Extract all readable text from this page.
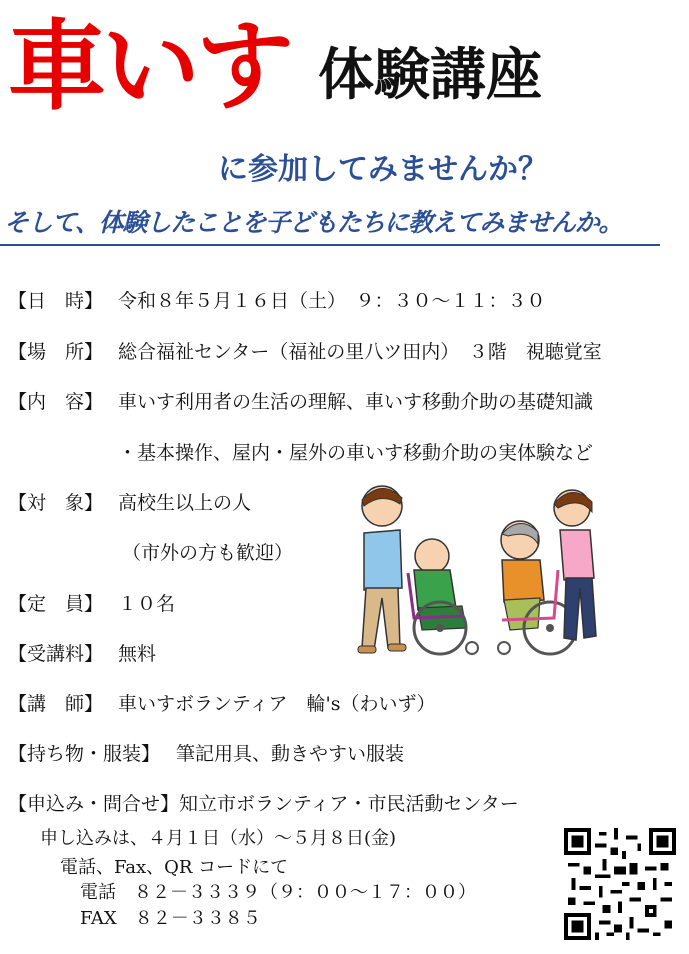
車いす 体験講座
に参加してみませんか？
そして、体験したことを子どもたちに教えてみませんか。
【日　時】 令和８年５月１６日（土）　９：３０～１１：３０
【場　所】 総合福祉センター（福祉の里八ツ田内）　３階　視聴覚室
【内　容】 車いす利用者の生活の理解、車いす移動介助の基礎知識
・基本操作、屋内・屋外の車いす移動介助の実体験など
【対　象】 高校生以上の人
（市外の方も歓迎）
【定　員】 １０名
【受講料】 無料
【講　師】 車いすボランティア　輪's（わいず）
【持ち物・服装】 筆記用具、動きやすい服装
【申込み・問合せ】知立市ボランティア・市民活動センター
申し込みは、４月１日（水）～５月８日(金)
電話、Fax、QR コードにて
電話　８２－３３３９（９：００～１７：００）
FAX　８２－３３８５
